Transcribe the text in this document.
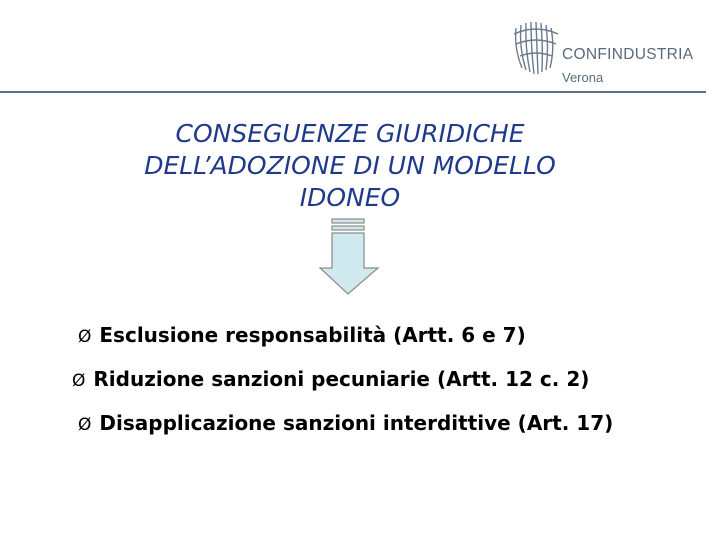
CONFINDUSTRIA
Verona
CONSEGUENZE GIURIDICHE
DELL’ADOZIONE DI UN MODELLO
IDONEO
Ø Esclusione responsabilità (Artt. 6 e 7)
Ø Riduzione sanzioni pecuniarie (Artt. 12 c. 2)
Ø Disapplicazione sanzioni interdittive (Art. 17)
